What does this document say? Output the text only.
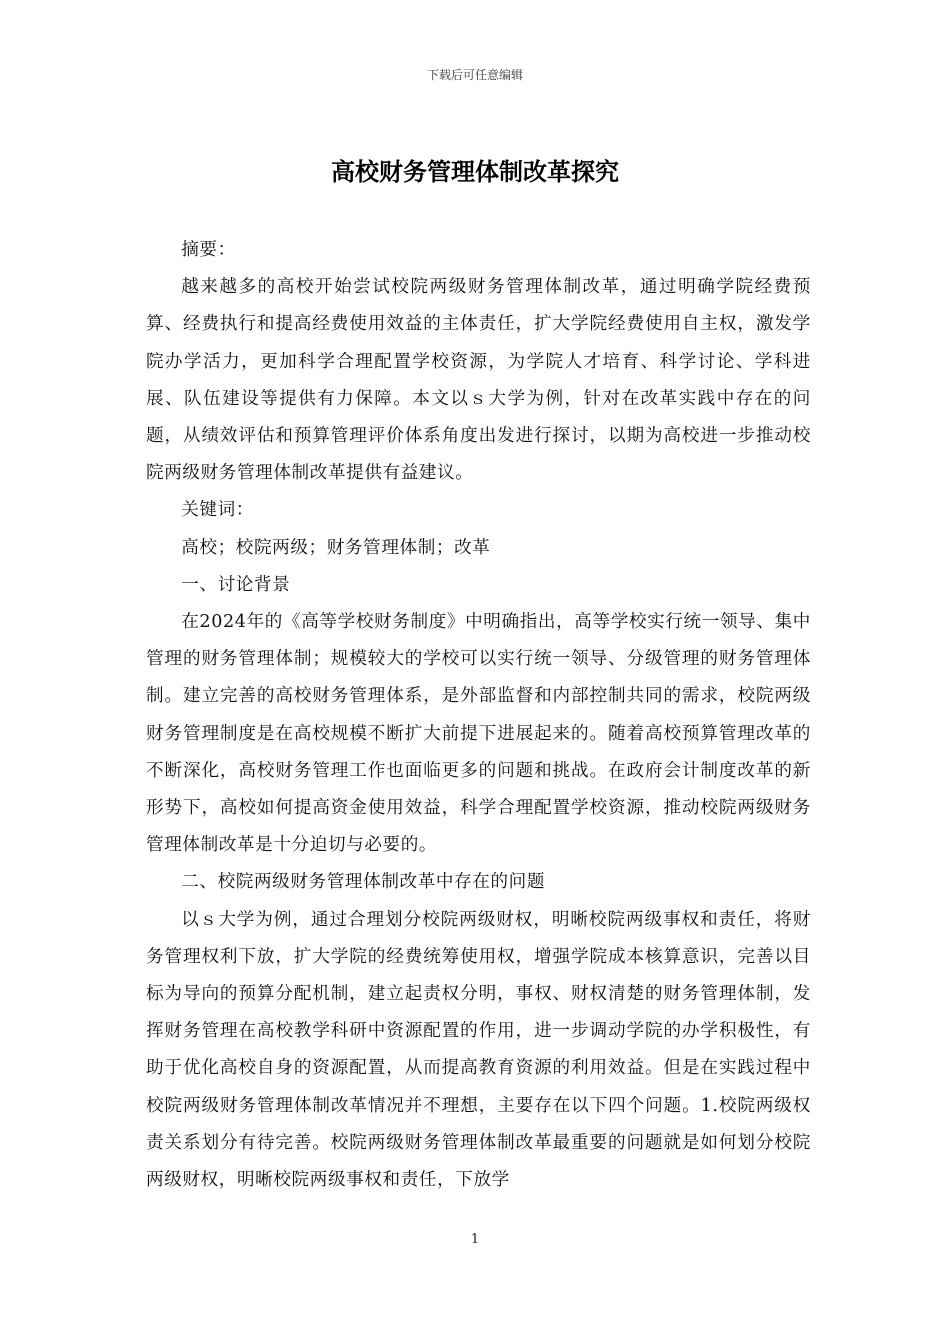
下载后可任意编辑
高校财务管理体制改革探究

摘要：

越来越多的高校开始尝试校院两级财务管理体制改革，通过明确学院经费预算、经费执行和提高经费使用效益的主体责任，扩大学院经费使用自主权，激发学院办学活力，更加科学合理配置学校资源，为学院人才培育、科学讨论、学科进展、队伍建设等提供有力保障。本文以ｓ大学为例，针对在改革实践中存在的问题，从绩效评估和预算管理评价体系角度出发进行探讨，以期为高校进一步推动校院两级财务管理体制改革提供有益建议。

关键词：

高校；校院两级；财务管理体制；改革

一、讨论背景

在2024年的《高等学校财务制度》中明确指出，高等学校实行统一领导、集中管理的财务管理体制；规模较大的学校可以实行统一领导、分级管理的财务管理体制。建立完善的高校财务管理体系，是外部监督和内部控制共同的需求，校院两级财务管理制度是在高校规模不断扩大前提下进展起来的。随着高校预算管理改革的不断深化，高校财务管理工作也面临更多的问题和挑战。在政府会计制度改革的新形势下，高校如何提高资金使用效益，科学合理配置学校资源，推动校院两级财务管理体制改革是十分迫切与必要的。

二、校院两级财务管理体制改革中存在的问题

以ｓ大学为例，通过合理划分校院两级财权，明晰校院两级事权和责任，将财务管理权利下放，扩大学院的经费统筹使用权，增强学院成本核算意识，完善以目标为导向的预算分配机制，建立起责权分明，事权、财权清楚的财务管理体制，发挥财务管理在高校教学科研中资源配置的作用，进一步调动学院的办学积极性，有助于优化高校自身的资源配置，从而提高教育资源的利用效益。但是在实践过程中校院两级财务管理体制改革情况并不理想，主要存在以下四个问题。1.校院两级权责关系划分有待完善。校院两级财务管理体制改革最重要的问题就是如何划分校院两级财权，明晰校院两级事权和责任，下放学

1
